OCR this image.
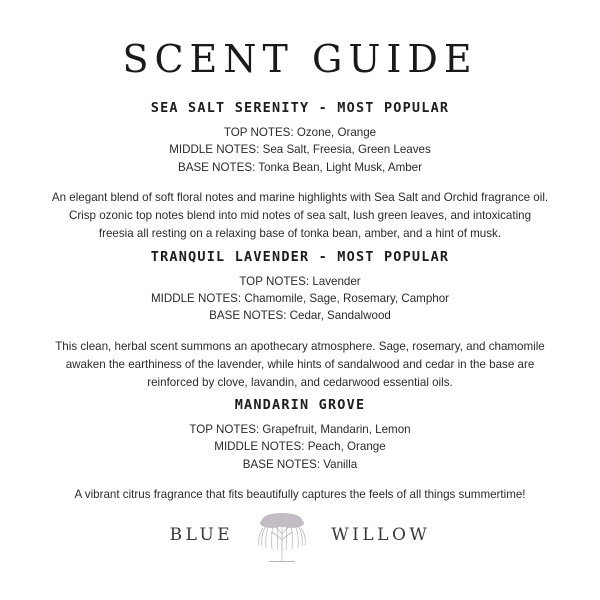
SCENT GUIDE
SEA SALT SERENITY - MOST POPULAR
TOP NOTES: Ozone, Orange
MIDDLE NOTES: Sea Salt, Freesia, Green Leaves
BASE NOTES: Tonka Bean, Light Musk, Amber

An elegant blend of soft floral notes and marine highlights with Sea Salt and Orchid fragrance oil. Crisp ozonic top notes blend into mid notes of sea salt, lush green leaves, and intoxicating freesia all resting on a relaxing base of tonka bean, amber, and a hint of musk.

TRANQUIL LAVENDER - MOST POPULAR
TOP NOTES: Lavender
MIDDLE NOTES: Chamomile, Sage, Rosemary, Camphor
BASE NOTES: Cedar, Sandalwood

This clean, herbal scent summons an apothecary atmosphere. Sage, rosemary, and chamomile awaken the earthiness of the lavender, while hints of sandalwood and cedar in the base are reinforced by clove, lavandin, and cedarwood essential oils.

MANDARIN GROVE
TOP NOTES: Grapefruit, Mandarin, Lemon
MIDDLE NOTES: Peach, Orange
BASE NOTES: Vanilla

A vibrant citrus fragrance that fits beautifully captures the feels of all things summertime!

BLUE	WILLOW
